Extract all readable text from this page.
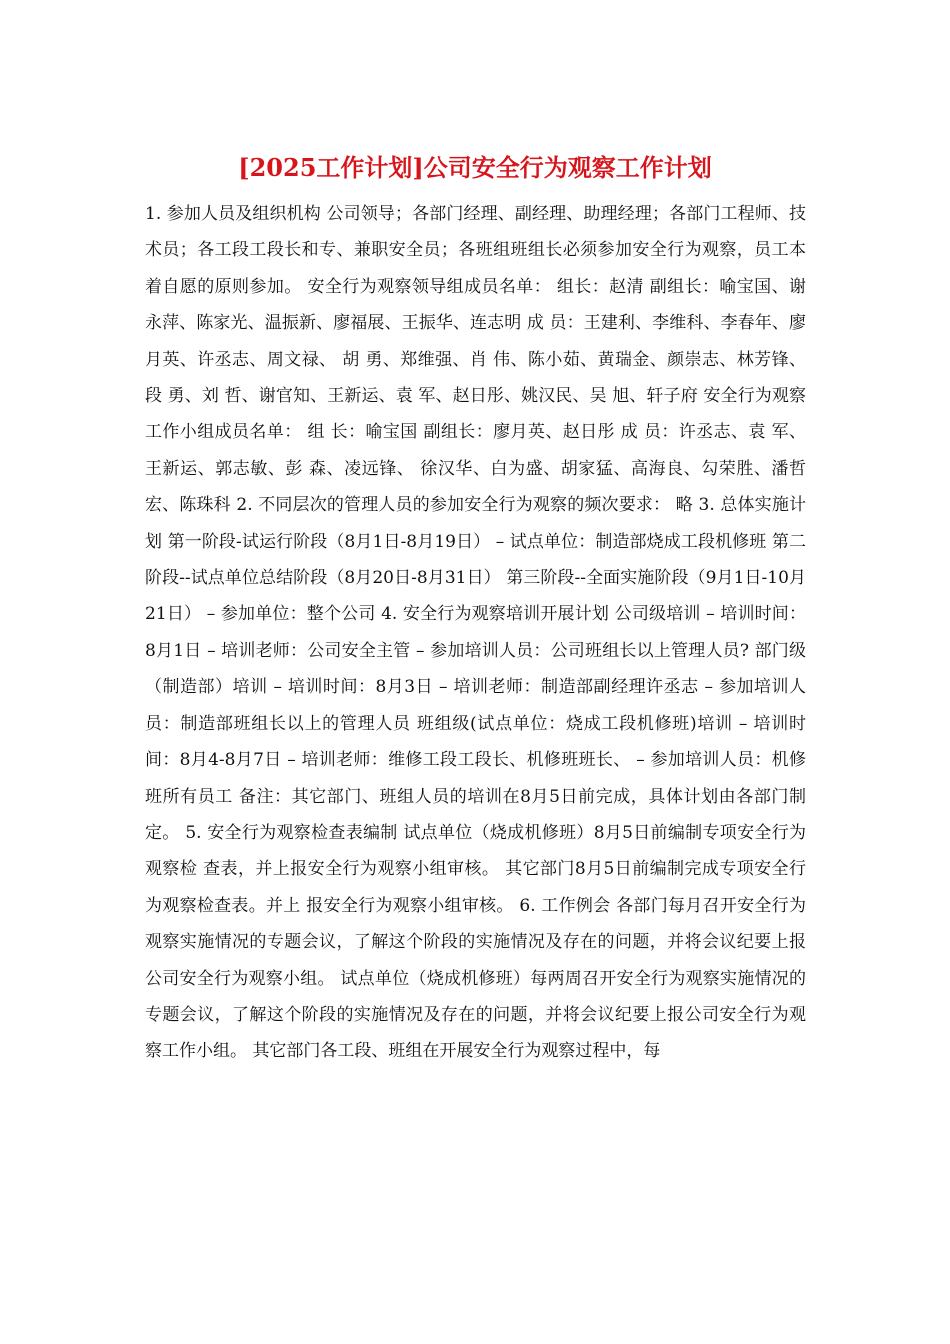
[2025工作计划]公司安全行为观察工作计划

1. 参加人员及组织机构 公司领导；各部门经理、副经理、助理经理；各部门工程师、技术员；各工段工段长和专、兼职安全员；各班组班组长必须参加安全行为观察，员工本着自愿的原则参加。 安全行为观察领导组成员名单： 组长：赵清 副组长：喻宝国、谢永萍、陈家光、温振新、廖福展、王振华、连志明 成 员：王建利、李维科、李春年、廖月英、许丞志、周文禄、 胡 勇、郑维强、肖 伟、陈小茹、黄瑞金、颜崇志、林芳锋、段 勇、刘 哲、谢官知、王新运、袁 军、赵日彤、姚汉民、吴 旭、轩子府 安全行为观察工作小组成员名单： 组 长：喻宝国 副组长：廖月英、赵日彤 成 员：许丞志、袁 军、王新运、郭志敏、彭 森、凌远锋、 徐汉华、白为盛、胡家猛、高海良、勾荣胜、潘哲宏、陈珠科 2. 不同层次的管理人员的参加安全行为观察的频次要求： 略 3. 总体实施计划 第一阶段-试运行阶段（8月1日-8月19日） – 试点单位：制造部烧成工段机修班 第二阶段--试点单位总结阶段（8月20日-8月31日） 第三阶段--全面实施阶段（9月1日-10月21日） – 参加单位：整个公司 4. 安全行为观察培训开展计划 公司级培训 – 培训时间：8月1日 – 培训老师：公司安全主管 – 参加培训人员：公司班组长以上管理人员? 部门级（制造部）培训 – 培训时间：8月3日 – 培训老师：制造部副经理许丞志 – 参加培训人员：制造部班组长以上的管理人员 班组级(试点单位：烧成工段机修班)培训 – 培训时间：8月4-8月7日 – 培训老师：维修工段工段长、机修班班长、 – 参加培训人员：机修班所有员工 备注：其它部门、班组人员的培训在8月5日前完成，具体计划由各部门制定。 5. 安全行为观察检查表编制 试点单位（烧成机修班）8月5日前编制专项安全行为观察检 查表，并上报安全行为观察小组审核。 其它部门8月5日前编制完成专项安全行为观察检查表。并上 报安全行为观察小组审核。 6. 工作例会 各部门每月召开安全行为观察实施情况的专题会议，了解这个阶段的实施情况及存在的问题，并将会议纪要上报公司安全行为观察小组。 试点单位（烧成机修班）每两周召开安全行为观察实施情况的专题会议，了解这个阶段的实施情况及存在的问题，并将会议纪要上报公司安全行为观察工作小组。 其它部门各工段、班组在开展安全行为观察过程中，每
